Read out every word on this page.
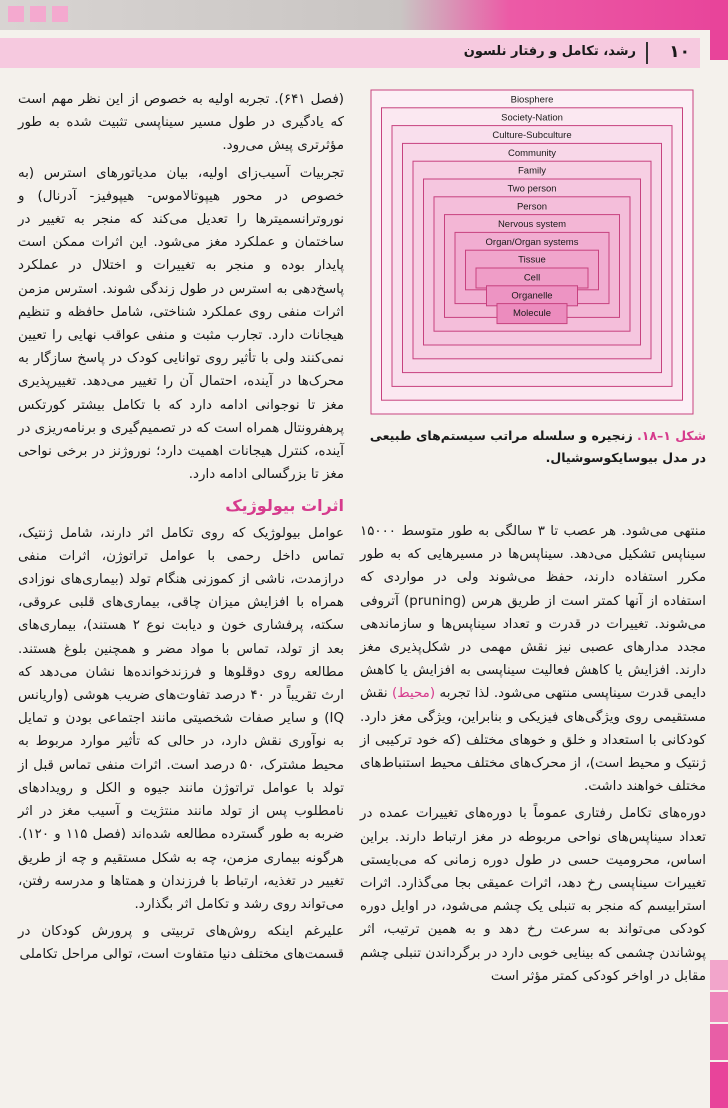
۱۰
رشد، تکامل و رفتار نلسون

(فصل ۶۴۱). تجربه اولیه به خصوص از این نظر مهم است که یادگیری در طول مسیر سیناپسی تثبیت شده به طور مؤثرتری پیش می‌رود.

تجربیات آسیب‌زای اولیه، بیان مدیاتورهای استرس (به خصوص در محور هیپوتالاموس- هیپوفیز- آدرنال) و نوروترانسمیترها را تعدیل می‌کند که منجر به تغییر در ساختمان و عملکرد مغز می‌شود. این اثرات ممکن است پایدار بوده و منجر به تغییرات و اختلال در عملکرد پاسخ‌دهی به استرس در طول زندگی شوند. استرس مزمن اثرات منفی روی عملکرد شناختی، شامل حافظه و تنظیم هیجانات دارد. تجارب مثبت و منفی عواقب نهایی را تعیین نمی‌کنند ولی با تأثیر روی توانایی کودک در پاسخ سازگار به محرک‌ها در آینده، احتمال آن را تغییر می‌دهد. تغییرپذیری مغز تا نوجوانی ادامه دارد که با تکامل بیشتر کورتکس پرهفرونتال همراه است که در تصمیم‌گیری و برنامه‌ریزی در آینده، کنترل هیجانات اهمیت دارد؛ نوروژنز در برخی نواحی مغز تا بزرگسالی ادامه دارد.

اثرات بیولوژیک

عوامل بیولوژیک که روی تکامل اثر دارند، شامل ژنتیک، تماس داخل رحمی با عوامل تراتوژن، اثرات منفی درازمدت، ناشی از کموزنی هنگام تولد (بیماری‌های نوزادی همراه با افزایش میزان چاقی، بیماری‌های قلبی عروقی، سکته، پرفشاری خون و دیابت نوع ۲ هستند)، بیماری‌های بعد از تولد، تماس با مواد مضر و همچنین بلوغ هستند. مطالعه روی دوقلوها و فرزندخوانده‌ها نشان می‌دهد که ارث تقریباً در ۴۰ درصد تفاوت‌های ضریب هوشی (واریانس IQ) و سایر صفات شخصیتی مانند اجتماعی بودن و تمایل به نوآوری نقش دارد، در حالی که تأثیر موارد مربوط به محیط مشترک، ۵۰ درصد است. اثرات منفی تماس قبل از تولد با عوامل تراتوژن مانند جیوه و الکل و رویدادهای نامطلوب پس از تولد مانند منتژیت و آسیب مغز در اثر ضربه به طور گسترده مطالعه شده‌اند (فصل ۱۱۵ و ۱۲۰). هرگونه بیماری مزمن، چه به شکل مستقیم و چه از طریق تغییر در تغذیه، ارتباط با فرزندان و همتاها و مدرسه رفتن، می‌تواند روی رشد و تکامل اثر بگذارد.

علیرغم اینکه روش‌های تربیتی و پرورش کودکان در قسمت‌های مختلف دنیا متفاوت است، توالی مراحل تکاملی

Biosphere
Society-Nation
Culture-Subculture
Community
Family
Two person
Person
Nervous system
Organ/Organ systems
Tissue
Cell
Organelle
Molecule
شکل ۱–۱۸. زنجیره و سلسله مراتب سیستم‌های طبیعی در مدل بیوسایکوسوشیال.

منتهی می‌شود. هر عصب تا ۳ سالگی به طور متوسط ۱۵۰۰۰ سیناپس تشکیل می‌دهد. سیناپس‌ها در مسیرهایی که به طور مکرر استفاده دارند، حفظ می‌شوند ولی در مواردی که استفاده از آنها کمتر است از طریق هرس (pruning) آتروفی می‌شوند. تغییرات در قدرت و تعداد سیناپس‌ها و سازماندهی مجدد مدارهای عصبی نیز نقش مهمی در شکل‌پذیری مغز دارند. افزایش یا کاهش فعالیت سیناپسی به افزایش یا کاهش دایمی قدرت سیناپسی منتهی می‌شود. لذا تجربه (محیط) نقش مستقیمی روی ویژگی‌های فیزیکی و بنابراین، ویژگی مغز دارد. کودکانی با استعداد و خلق و خوهای مختلف (که خود ترکیبی از ژنتیک و محیط است)، از محرک‌های مختلف محیط استنباط‌های مختلف خواهند داشت.

دوره‌های تکامل رفتاری عموماً با دوره‌های تغییرات عمده در تعداد سیناپس‌های نواحی مربوطه در مغز ارتباط دارند. براین اساس، محرومیت حسی در طول دوره زمانی که می‌بایستی تغییرات سیناپسی رخ دهد، اثرات عمیقی بجا می‌گذارد. اثرات استرابیسم که منجر به تنبلی یک چشم می‌شود، در اوایل دوره کودکی می‌تواند به سرعت رخ دهد و به همین ترتیب، اثر پوشاندن چشمی که بینایی خوبی دارد در برگرداندن تنبلی چشم مقابل در اواخر کودکی کمتر مؤثر است
